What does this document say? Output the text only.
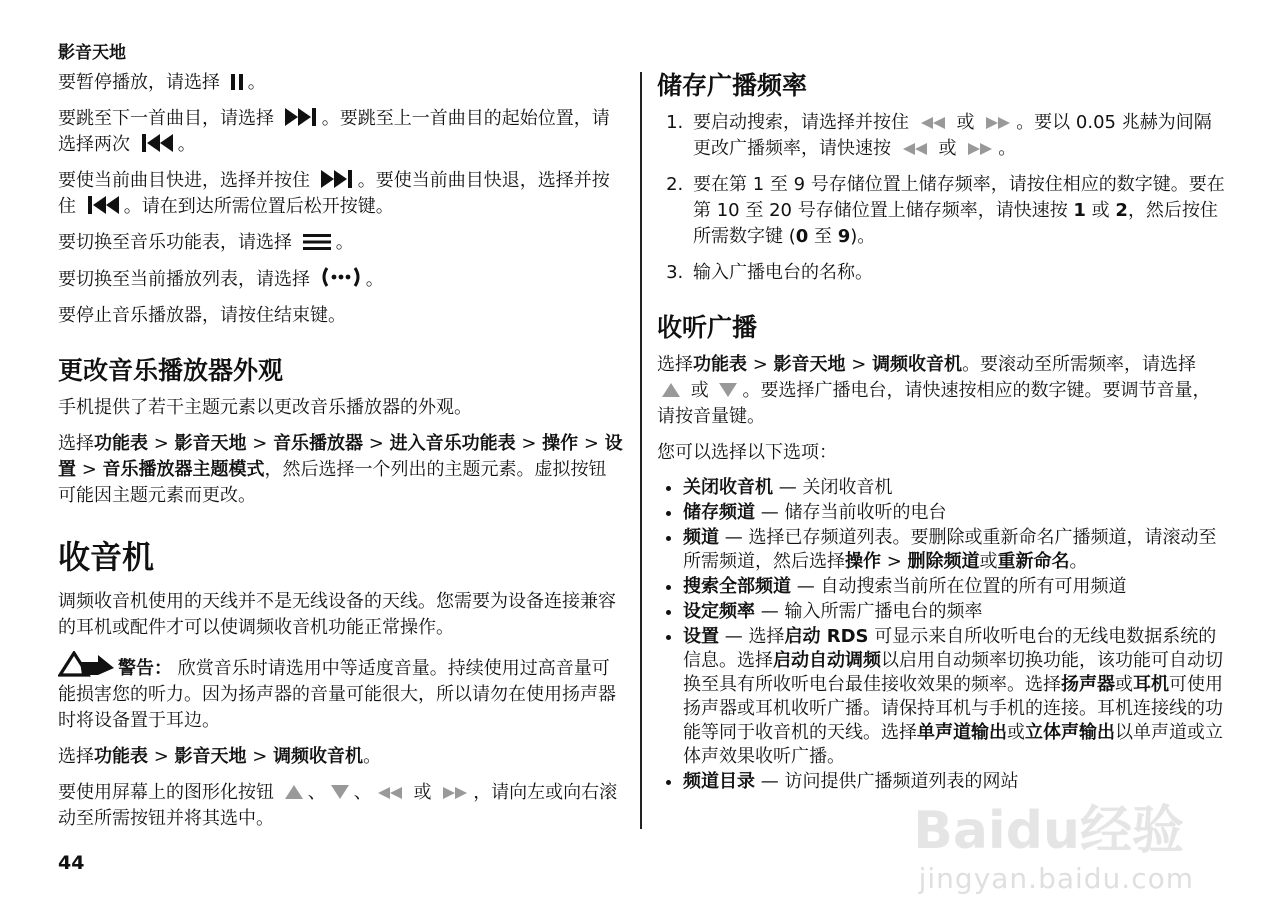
影音天地

要暂停播放，请选择
。

要跳至下一首曲目，请选择
。要跳至上一首曲目的起始位置，请选择两次
。

要使当前曲目快进，选择并按住
。要使当前曲目快退，选择并按住
。请在到达所需位置后松开按键。

要切换至音乐功能表，请选择
。

要切换至当前播放列表，请选择	。

要停止音乐播放器，请按住结束键。

更改音乐播放器外观

手机提供了若干主题元素以更改音乐播放器的外观。

选择功能表 > 影音天地 > 音乐播放器 > 进入音乐功能表 > 操作 > 设置 > 音乐播放器主题模式，然后选择一个列出的主题元素。虚拟按钮可能因主题元素而更改。

收音机

调频收音机使用的天线并不是无线设备的天线。您需要为设备连接兼容的耳机或配件才可以使调频收音机功能正常操作。

警告： 欣赏音乐时请选用中等适度音量。持续使用过高音量可能损害您的听力。因为扬声器的音量可能很大，所以请勿在使用扬声器时将设备置于耳边。

选择功能表 > 影音天地 > 调频收音机。

要使用屏幕上的图形化按钮
、 、
或
，请向左或向右滚动至所需按钮并将其选中。

储存广播频率
1. 要启动搜索，请选择并按住
或
。要以 0.05 兆赫为间隔更改广播频率，请快速按
或
。
2. 要在第 1 至 9 号存储位置上储存频率，请按住相应的数字键。要在第 10 至 20 号存储位置上储存频率，请快速按 1 或 2，然后按住所需数字键 (0 至 9)。
3. 输入广播电台的名称。
收听广播

选择功能表 > 影音天地 > 调频收音机。要滚动至所需频率，请选择
或
。要选择广播电台，请快速按相应的数字键。要调节音量，请按音量键。

您可以选择以下选项：

• 关闭收音机 — 关闭收音机
• 储存频道 — 储存当前收听的电台
• 频道 — 选择已存频道列表。要删除或重新命名广播频道，请滚动至所需频道，然后选择操作 > 删除频道或重新命名。
• 搜索全部频道 — 自动搜索当前所在位置的所有可用频道
• 设定频率 — 输入所需广播电台的频率
• 设置 — 选择启动 RDS 可显示来自所收听电台的无线电数据系统的信息。选择启动自动调频以启用自动频率切换功能，该功能可自动切换至具有所收听电台最佳接收效果的频率。选择扬声器或耳机可使用扬声器或耳机收听广播。请保持耳机与手机的连接。耳机连接线的功能等同于收音机的天线。选择单声道输出或立体声输出以单声道或立体声效果收听广播。
• 频道目录 — 访问提供广播频道列表的网站
44
Baidu经验
jingyan.baidu.com
